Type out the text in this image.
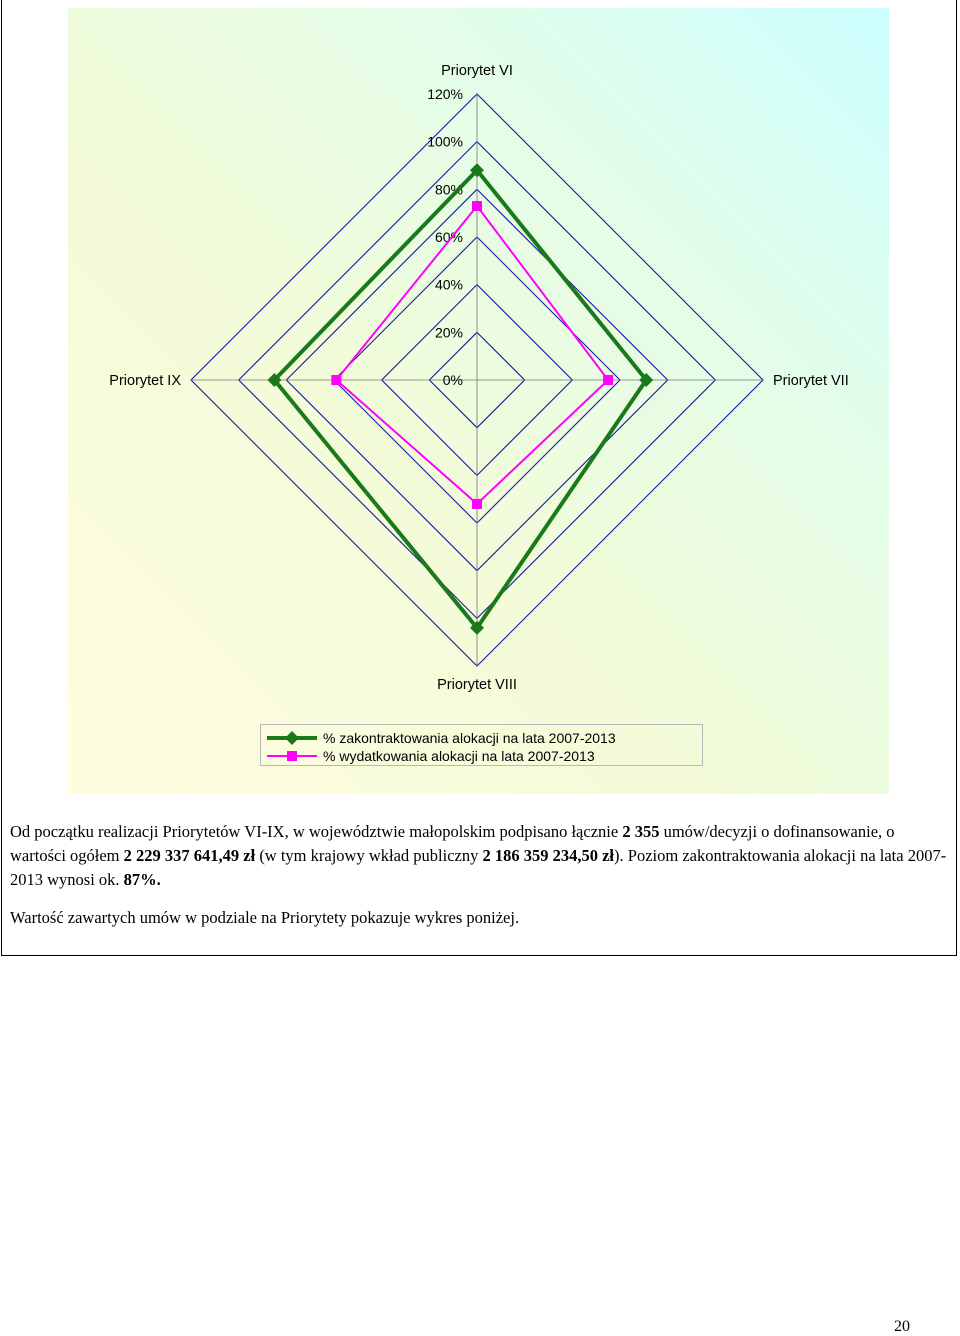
0%
20%
40%
60%
80%
100%
120%
Priorytet VI
Priorytet VII
Priorytet VIII
Priorytet IX
% zakontraktowania alokacji na lata 2007-2013
% wydatkowania alokacji na lata 2007-2013

Od początku realizacji Priorytetów VI-IX, w województwie małopolskim podpisano łącznie 2 355 umów/decyzji o dofinansowanie, o wartości ogółem 2 229 337 641,49 zł (w tym krajowy wkład publiczny 2 186 359 234,50 zł). Poziom zakontraktowania alokacji na lata 2007-2013 wynosi ok. 87%.

Wartość zawartych umów w podziale na Priorytety pokazuje wykres poniżej.

20
